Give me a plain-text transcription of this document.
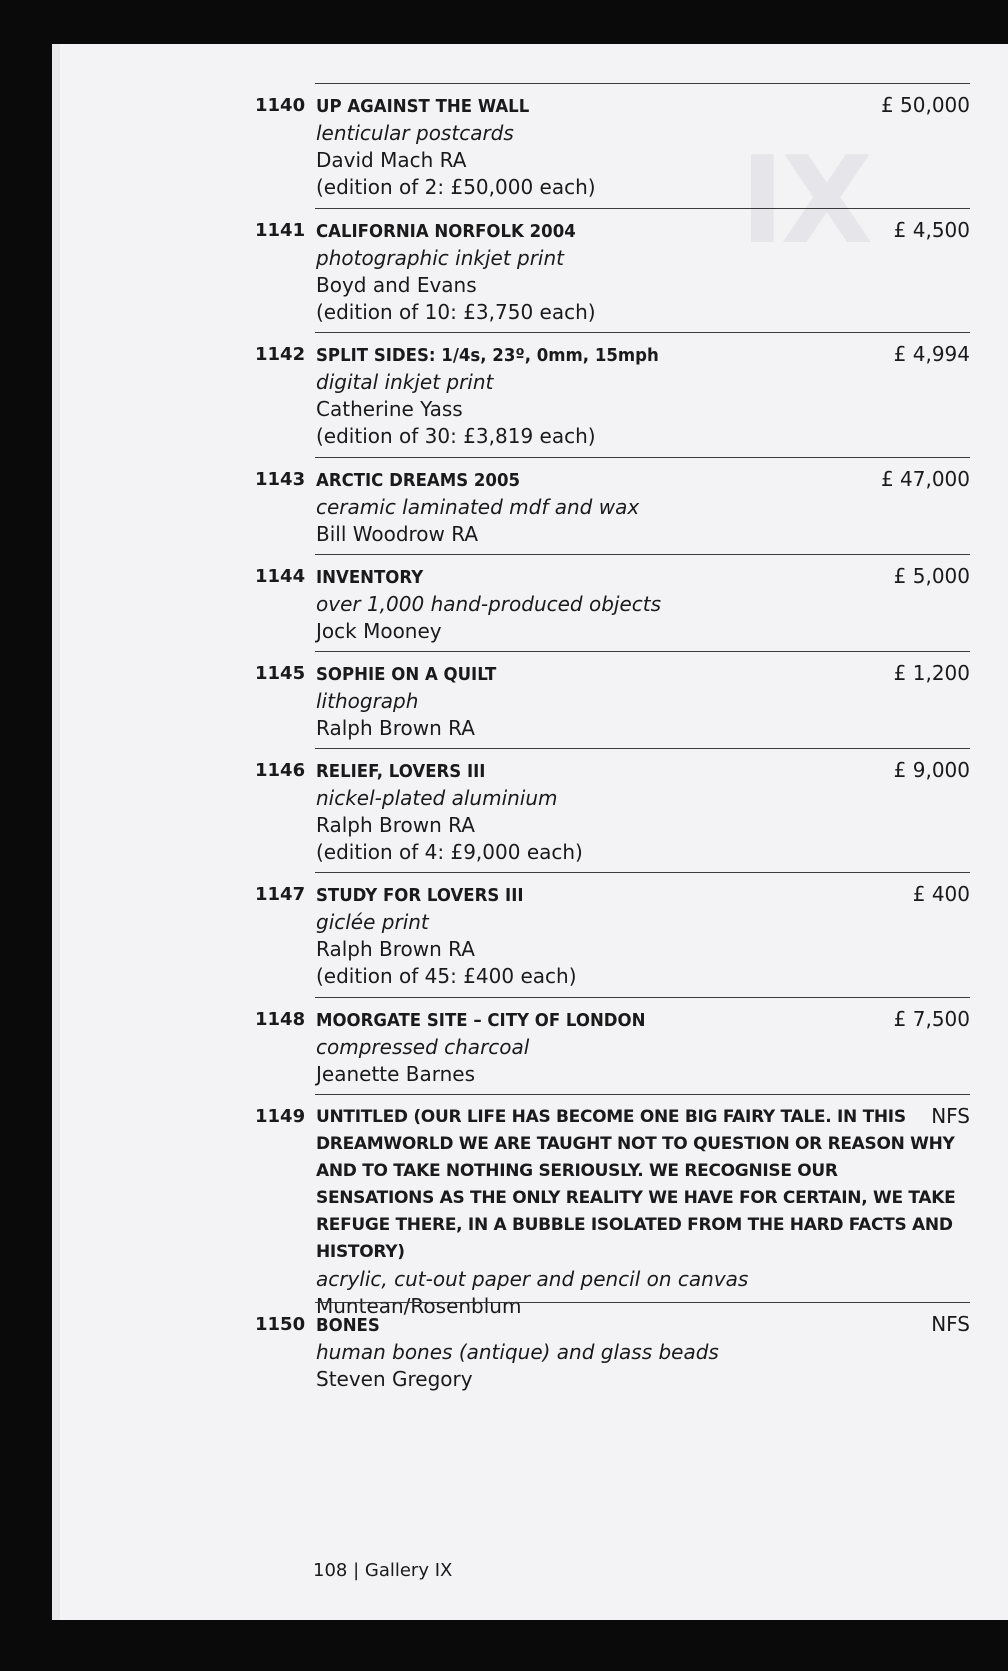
IX
1140 UP AGAINST THE WALL
lenticular postcards
David Mach RA
(edition of 2: £50,000 each)
£ 50,000
1141 CALIFORNIA NORFOLK 2004
photographic inkjet print
Boyd and Evans
(edition of 10: £3,750 each)
£ 4,500
1142 SPLIT SIDES: 1/4s, 23º, 0mm, 15mph
digital inkjet print
Catherine Yass
(edition of 30: £3,819 each)
£ 4,994
1143 ARCTIC DREAMS 2005
ceramic laminated mdf and wax
Bill Woodrow RA
£ 47,000
1144 INVENTORY
over 1,000 hand-produced objects
Jock Mooney
£ 5,000
1145 SOPHIE ON A QUILT
lithograph
Ralph Brown RA
£ 1,200
1146 RELIEF, LOVERS III
nickel-plated aluminium
Ralph Brown RA
(edition of 4: £9,000 each)
£ 9,000
1147 STUDY FOR LOVERS III
giclée print
Ralph Brown RA
(edition of 45: £400 each)
£ 400
1148 MOORGATE SITE – CITY OF LONDON
compressed charcoal
Jeanette Barnes
£ 7,500
1149 UNTITLED (OUR LIFE HAS BECOME ONE BIG FAIRY TALE. IN THIS DREAMWORLD WE ARE TAUGHT NOT TO QUESTION OR REASON WHY AND TO TAKE NOTHING SERIOUSLY. WE RECOGNISE OUR SENSATIONS AS THE ONLY REALITY WE HAVE FOR CERTAIN, WE TAKE REFUGE THERE, IN A BUBBLE ISOLATED FROM THE HARD FACTS AND HISTORY)
acrylic, cut-out paper and pencil on canvas
Muntean/Rosenblum
NFS
1150 BONES
human bones (antique) and glass beads
Steven Gregory
NFS
108 | Gallery IX
